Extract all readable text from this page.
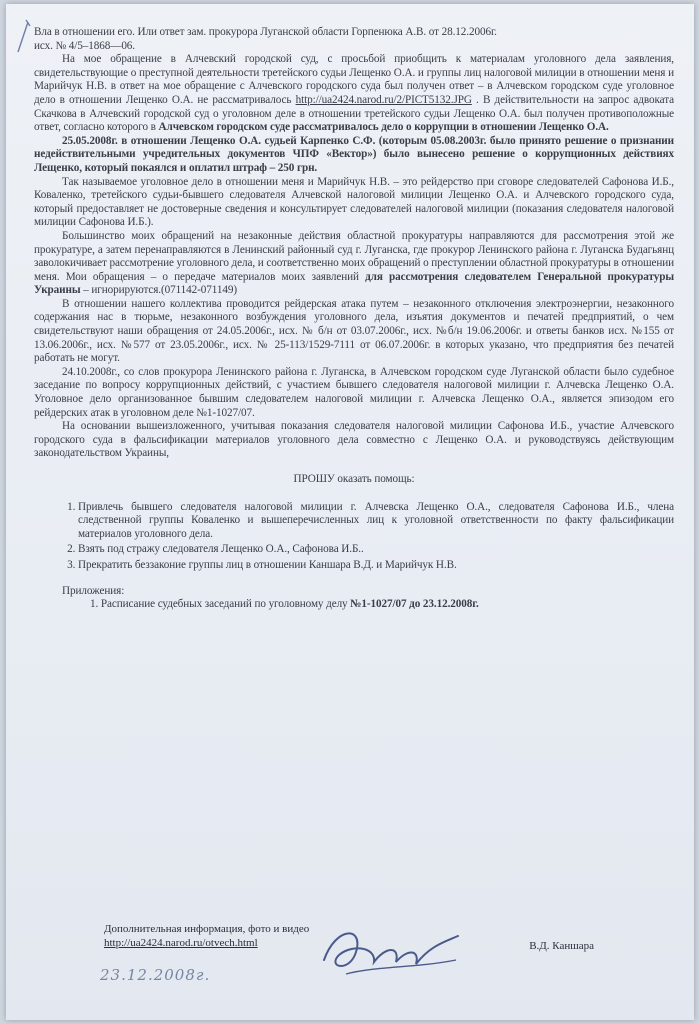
Вла в отношении его. Или ответ зам. прокурора Луганской области Горпенюка А.В. от 28.12.2006г.

исх. № 4/5–1868—06.

На мое обращение в Алчевский городской суд, с просьбой приобщить к материалам уголовного дела заявления, свидетельствующие о преступной деятельности третейского судьи Лещенко О.А. и группы лиц налоговой милиции в отношении меня и Марийчук Н.В. в ответ на мое обращение с Алчевского городского суда был получен ответ – в Алчевском городском суде уголовное дело в отношении Лещенко О.А. не рассматривалось http://ua2424.narod.ru/2/PICT5132.JPG . В действительности на запрос адвоката Скачкова в Алчевский городской суд о уголовном деле в отношении третейского судьи Лещенко О.А. был получен противоположные ответ, согласно которого в Алчевском городском суде рассматривалось дело о коррупции в отношении Лещенко О.А.

25.05.2008г. в отношении Лещенко О.А. судьей Карпенко С.Ф. (которым 05.08.2003г. было принято решение о признании недействительными учредительных документов ЧПФ «Вектор») было вынесено решение о коррупционных действиях Лещенко, который покаялся и оплатил штраф – 250 грн.

Так называемое уголовное дело в отношении меня и Марийчук Н.В. – это рейдерство при сговоре следователей Сафонова И.Б., Коваленко, третейского судьи-бывшего следователя Алчевской налоговой милиции Лещенко О.А. и Алчевского городского суда, который предоставляет не достоверные сведения и консультирует следователей налоговой милиции (показания следователя налоговой милиции Сафонова И.Б.).

Большинство моих обращений на незаконные действия областной прокуратуры направляются для рассмотрения этой же прокуратуре, а затем перенаправляются в Ленинский районный суд г. Луганска, где прокурор Ленинского района г. Луганска Будагьянц заволокичивает рассмотрение уголовного дела, и соответственно моих обращений о преступлении областной прокуратуры в отношении меня. Мои обращения – о передаче материалов моих заявлений для рассмотрения следователем Генеральной прокуратуры Украины – игнорируются.(071142-071149)

В отношении нашего коллектива проводится рейдерская атака путем – незаконного отключения электроэнергии, незаконного содержания нас в тюрьме, незаконного возбуждения уголовного дела, изъятия документов и печатей предприятий, о чем свидетельствуют наши обращения от 24.05.2006г., исх. № б/н от 03.07.2006г., исх. №б/н 19.06.2006г. и ответы банков исх. №155 от 13.06.2006г., исх. №577 от 23.05.2006г., исх. № 25-113/1529-7111 от 06.07.2006г. в которых указано, что предприятия без печатей работать не могут.

24.10.2008г., со слов прокурора Ленинского района г. Луганска, в Алчевском городском суде Луганской области было судебное заседание по вопросу коррупционных действий, с участием бывшего следователя налоговой милиции г. Алчевска Лещенко О.А. Уголовное дело организованное бывшим следователем налоговой милиции г. Алчевска Лещенко О.А., является эпизодом его рейдерских атак в уголовном деле №1-1027/07.

На основании вышеизложенного, учитывая показания следователя налоговой милиции Сафонова И.Б., участие Алчевского городского суда в фальсификации материалов уголовного дела совместно с Лещенко О.А. и руководствуясь действующим законодательством Украины,

ПРОШУ оказать помощь:

1. Привлечь бывшего следователя налоговой милиции г. Алчевска Лещенко О.А., следователя Сафонова И.Б., члена следственной группы Коваленко и вышеперечисленных лиц к уголовной ответственности по факту фальсификации материалов уголовного дела.
2. Взять под стражу следователя Лещенко О.А., Сафонова И.Б..
3. Прекратить беззаконие группы лиц в отношении Каншара В.Д. и Марийчук Н.В.

Приложения:

1. Расписание судебных заседаний по уголовному делу №1-1027/07 до 23.12.2008г.

Дополнительная информация, фото и видео
http://ua2424.narod.ru/otvech.html	В.Д. Каншара
23.12.2008г.
